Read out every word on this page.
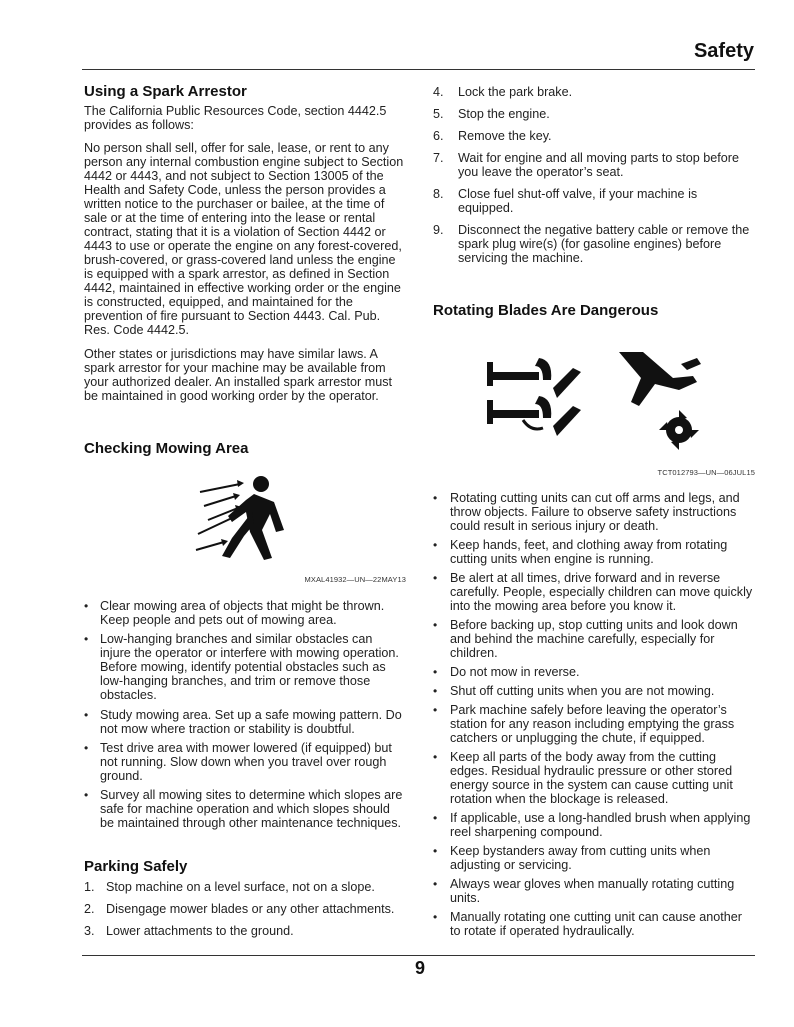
Safety
Using a Spark Arrestor

The California Public Resources Code, section 4442.5 provides as follows:

No person shall sell, offer for sale, lease, or rent to any person any internal combustion engine subject to Section 4442 or 4443, and not subject to Section 13005 of the Health and Safety Code, unless the person provides a written notice to the purchaser or bailee, at the time of sale or at the time of entering into the lease or rental contract, stating that it is a violation of Section 4442 or 4443 to use or operate the engine on any forest-covered, brush-covered, or grass-covered land unless the engine is equipped with a spark arrestor, as defined in Section 4442, maintained in effective working order or the engine is constructed, equipped, and maintained for the prevention of fire pursuant to Section 4443. Cal. Pub. Res. Code 4442.5.

Other states or jurisdictions may have similar laws. A spark arrestor for your machine may be available from your authorized dealer. An installed spark arrestor must be maintained in good working order by the operator.

Checking Mowing Area
MXAL41932—UN—22MAY13
• Clear mowing area of objects that might be thrown. Keep people and pets out of mowing area.
• Low-hanging branches and similar obstacles can injure the operator or interfere with mowing operation. Before mowing, identify potential obstacles such as low-hanging branches, and trim or remove those obstacles.
• Study mowing area. Set up a safe mowing pattern. Do not mow where traction or stability is doubtful.
• Test drive area with mower lowered (if equipped) but not running. Slow down when you travel over rough ground.
• Survey all mowing sites to determine which slopes are safe for machine operation and which slopes should be maintained through other maintenance techniques.
Parking Safely
1. Stop machine on a level surface, not on a slope.
2. Disengage mower blades or any other attachments.
3. Lower attachments to the ground.
4. Lock the park brake.
5. Stop the engine.
6. Remove the key.
7. Wait for engine and all moving parts to stop before you leave the operator’s seat.
8. Close fuel shut-off valve, if your machine is equipped.
9. Disconnect the negative battery cable or remove the spark plug wire(s) (for gasoline engines) before servicing the machine.
Rotating Blades Are Dangerous
TCT012793—UN—06JUL15
• Rotating cutting units can cut off arms and legs, and throw objects. Failure to observe safety instructions could result in serious injury or death.
• Keep hands, feet, and clothing away from rotating cutting units when engine is running.
• Be alert at all times, drive forward and in reverse carefully. People, especially children can move quickly into the mowing area before you know it.
• Before backing up, stop cutting units and look down and behind the machine carefully, especially for children.
• Do not mow in reverse.
• Shut off cutting units when you are not mowing.
• Park machine safely before leaving the operator’s station for any reason including emptying the grass catchers or unplugging the chute, if equipped.
• Keep all parts of the body away from the cutting edges. Residual hydraulic pressure or other stored energy source in the system can cause cutting unit rotation when the blockage is released.
• If applicable, use a long-handled brush when applying reel sharpening compound.
• Keep bystanders away from cutting units when adjusting or servicing.
• Always wear gloves when manually rotating cutting units.
• Manually rotating one cutting unit can cause another to rotate if operated hydraulically.
9
